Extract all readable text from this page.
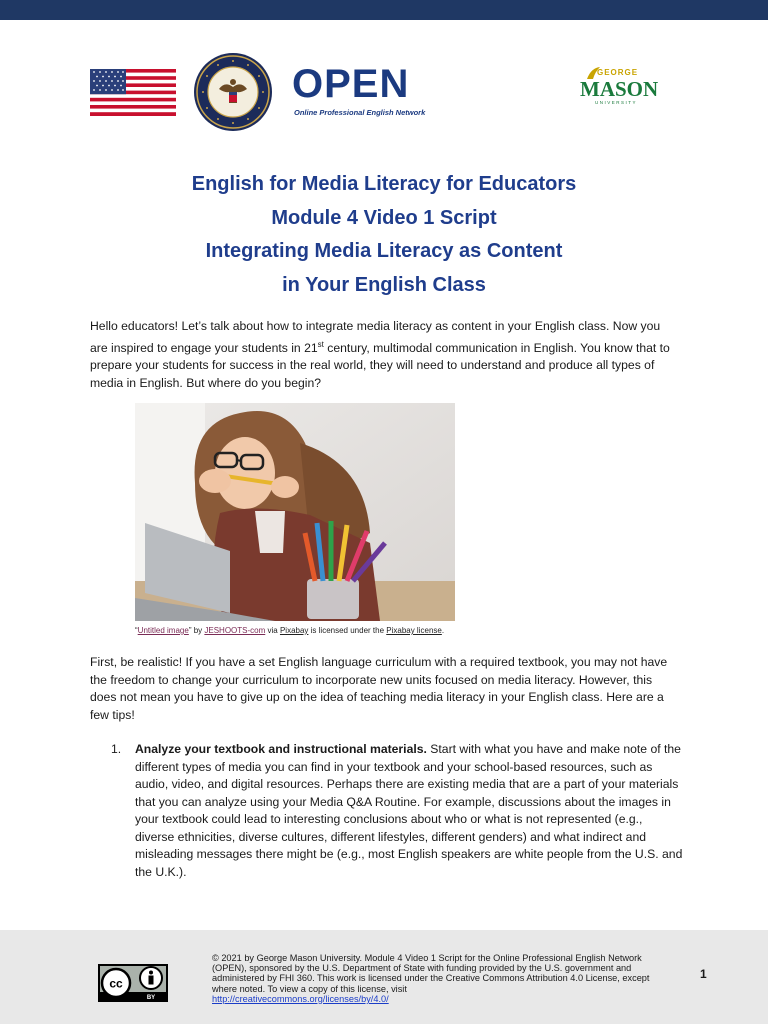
OPEN
Online Professional English Network
GEORGE
MASON
UNIVERSITY
English for Media Literacy for Educators
Module 4 Video 1 Script
Integrating Media Literacy as Content
in Your English Class

Hello educators! Let’s talk about how to integrate media literacy as content in your English class. Now you are inspired to engage your students in 21st century, multimodal communication in English. You know that to prepare your students for success in the real world, they will need to understand and produce all types of media in English. But where do you begin?

“Untitled image” by JESHOOTS-com via Pixabay is licensed under the Pixabay license.

First, be realistic! If you have a set English language curriculum with a required textbook, you may not have the freedom to change your curriculum to incorporate new units focused on media literacy. However, this does not mean you have to give up on the idea of teaching media literacy in your English class. Here are a few tips!

1. Analyze your textbook and instructional materials. Start with what you have and make note of the different types of media you can find in your textbook and your school-based resources, such as audio, video, and digital resources. Perhaps there are existing media that are a part of your materials that you can analyze using your Media Q&A Routine. For example, discussions about the images in your textbook could lead to interesting conclusions about who or what is not represented (e.g., diverse ethnicities, diverse cultures, different lifestyles, different genders) and what indirect and misleading messages there might be (e.g., most English speakers are white people from the U.S. and the U.K.).

cc
BY

© 2021 by George Mason University. Module 4 Video 1 Script for the Online Professional English Network (OPEN), sponsored by the U.S. Department of State with funding provided by the U.S. government and administered by FHI 360. This work is licensed under the Creative Commons Attribution 4.0 License, except where noted. To view a copy of this license, visit
http://creativecommons.org/licenses/by/4.0/

1
